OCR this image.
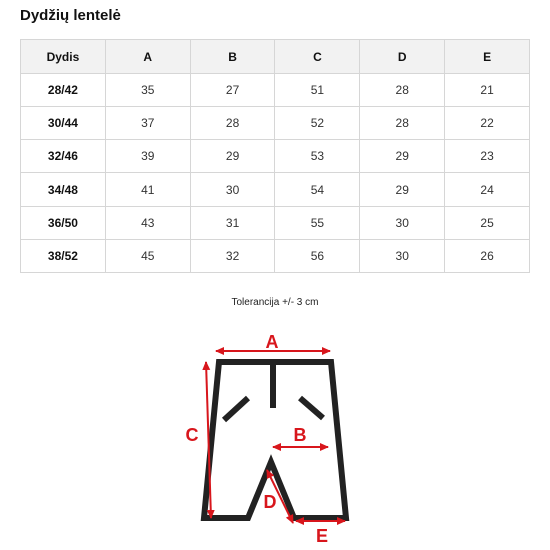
Dydžių lentelė
Dydis	A	B	C	D	E
28/42	35	27	51	28	21
30/44	37	28	52	28	22
32/46	39	29	53	29	23
34/48	41	30	54	29	24
36/50	43	31	55	30	25
38/52	45	32	56	30	26
Tolerancija +/- 3 cm
A
B
C
D
E
